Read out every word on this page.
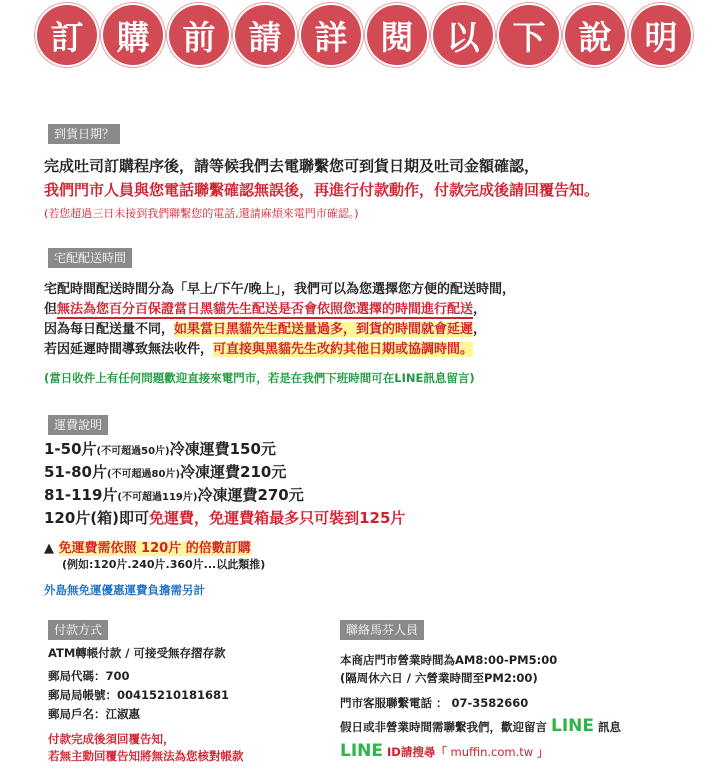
訂	購	前	請	詳	閱	以	下	說	明
到貨日期？
完成吐司訂購程序後，請等候我們去電聯繫您可到貨日期及吐司金額確認，
我們門市人員與您電話聯繫確認無誤後，再進行付款動作，付款完成後請回覆告知。
(若您超過三日未接到我們聯繫您的電話,還請麻煩來電門市確認。)
宅配配送時間
宅配時間配送時間分為「早上/下午/晚上」，我們可以為您選擇您方便的配送時間，
但無法為您百分百保證當日黑貓先生配送是否會依照您選擇的時間進行配送，
因為每日配送量不同，如果當日黑貓先生配送量過多，到貨的時間就會延遲，
若因延遲時間導致無法收件，可直接與黑貓先生改約其他日期或協調時間。
(當日收件上有任何問題歡迎直接來電門市，若是在我們下班時間可在LINE訊息留言)
運費說明
1-50片(不可超過50片)冷凍運費150元
51-80片(不可超過80片)冷凍運費210元
81-119片(不可超過119片)冷凍運費270元
120片(箱)即可免運費，免運費箱最多只可裝到125片
▲ 免運費需依照 120片 的倍數訂購
(例如:120片.240片.360片...以此類推)
外島無免運優惠運費負擔需另計
付款方式
ATM轉帳付款 / 可接受無存摺存款
郵局代碼：700
郵局局帳號：00415210181681
郵局戶名：江淑惠
付款完成後須回覆告知，
若無主動回覆告知將無法為您核對帳款
聯絡馬芬人員
本商店門市營業時間為AM8:00-PM5:00
(隔周休六日 / 六營業時間至PM2:00)
門市客服聯繫電話 ： 07-3582660
假日或非營業時間需聯繫我們，歡迎留言 LINE 訊息
LINE ID請搜尋「 muffin.com.tw 」
